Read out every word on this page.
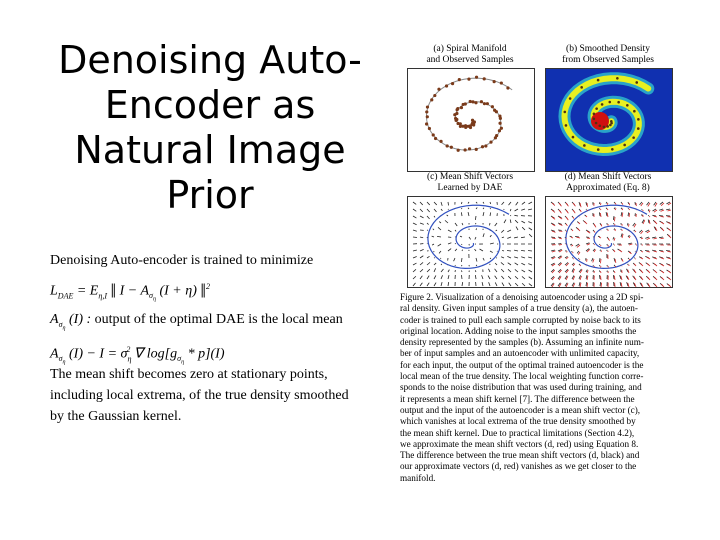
Denoising Auto-
Encoder as
Natural Image
Prior
Denoising Auto-encoder is trained to minimize
$L_{DAE} = E_{\eta,I}$ ‖ $I - A_{\sigma_\eta}$ (I + η) ‖$^2$
$A_{\sigma_\eta}$ (I) : output of the optimal DAE is the local mean
$A_{\sigma_\eta}$ $(I) - I = \sigma_\eta^2$ ∇ $\log[g_{\sigma_\eta} * p](I)$
The mean shift becomes zero at stationary points,
including local extrema, of the true density smoothed
by the Gaussian kernel.
(a) Spiral Manifold
and Observed Samples
(b) Smoothed Density
from Observed Samples
(c) Mean Shift Vectors
Learned by DAE
(d) Mean Shift Vectors
Approximated (Eq. 8)
Figure 2. Visualization of a denoising autoencoder using a 2D spi-
ral density. Given input samples of a true density (a), the autoen-
coder is trained to pull each sample corrupted by noise back to its
original location. Adding noise to the input samples smooths the
density represented by the samples (b). Assuming an infinite num-
ber of input samples and an autoencoder with unlimited capacity,
for each input, the output of the optimal trained autoencoder is the
local mean of the true density. The local weighting function corre-
sponds to the noise distribution that was used during training, and
it represents a mean shift kernel [7]. The difference between the
output and the input of the autoencoder is a mean shift vector (c),
which vanishes at local extrema of the true density smoothed by
the mean shift kernel. Due to practical limitations (Section 4.2),
we approximate the mean shift vectors (d, red) using Equation 8.
The difference between the true mean shift vectors (d, black) and
our approximate vectors (d, red) vanishes as we get closer to the
manifold.
